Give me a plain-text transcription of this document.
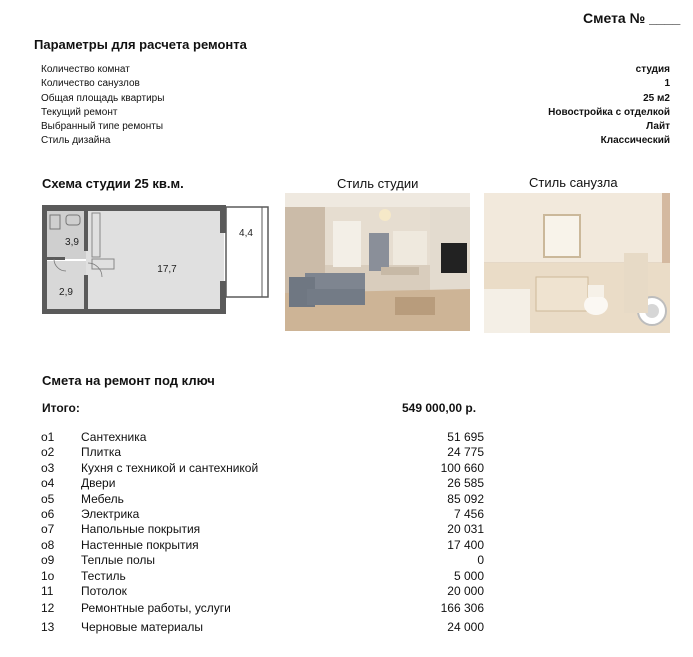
Смета № ____
Параметры для расчета ремонта
Количество комнат	студия
Количество санузлов	1
Общая площадь квартиры	25 м2
Текущий ремонт	Новостройка с отделкой
Выбранный типе ремонты	Лайт
Стиль дизайна	Классический
Схема студии 25 кв.м.	Стиль студии	Стиль санузла
3,9
2,9
17,7
4,4
Смета на ремонт под ключ
Итого:	549 000,00 р.
о1 Сантехника	51 695
о2 Плитка	24 775
о3 Кухня с техникой и сантехникой	100 660
о4 Двери	26 585
о5 Мебель	85 092
о6 Электрика	7 456
о7 Напольные покрытия	20 031
о8 Настенные покрытия	17 400
о9 Теплые полы	0
1о Тестиль	5 000
11 Потолок	20 000
12 Ремонтные работы, услуги	166 306
13 Черновые материалы	24 000
